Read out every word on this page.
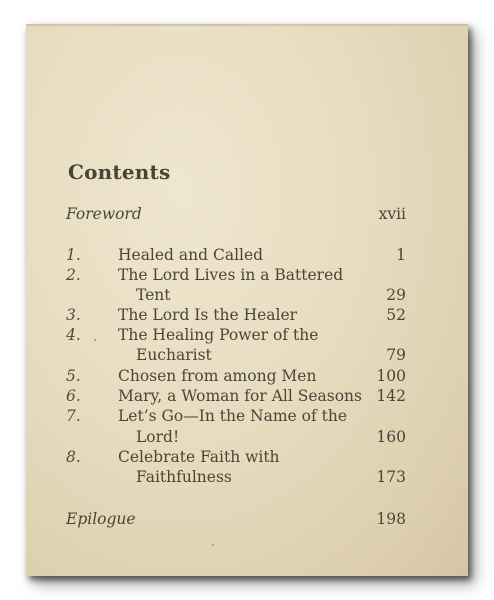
Contents
Foreword	xvii
1. Healed and Called	1
2. The Lord Lives in a Battered
Tent	29
3. The Lord Is the Healer	52
4. The Healing Power of the
Eucharist	79
5. Chosen from among Men	100
6. Mary, a Woman for All Seasons 142
7. Let’s Go—In the Name of the
Lord!	160
8. Celebrate Faith with
Faithfulness	173
Epilogue	198
